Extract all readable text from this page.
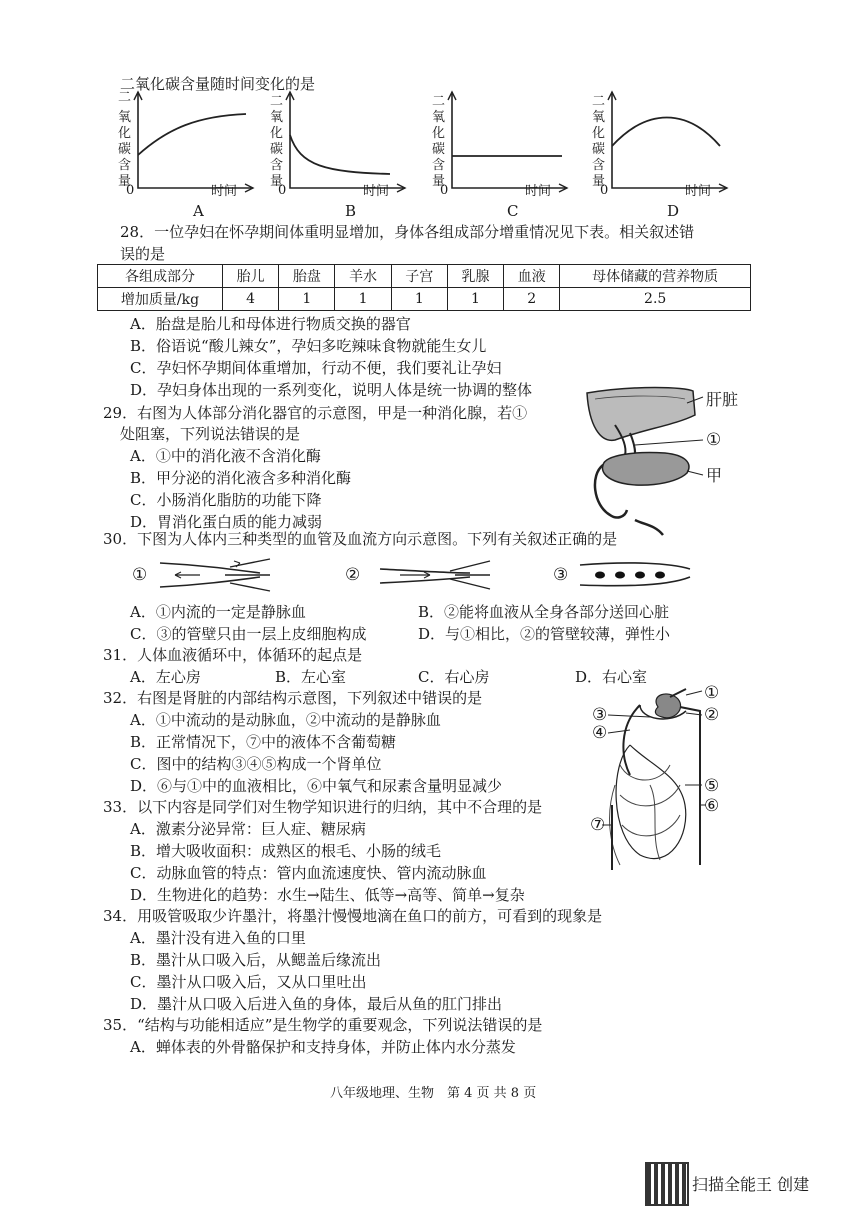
二氧化碳含量随时间变化的是
氧
化
碳
含
量
0	时间
A
二
氧
化
碳
含
量
0	时间
B
二
氧
化
碳
含
量
0	时间
C
二
氧
化
碳
含
量
0	时间
D
二
28．一位孕妇在怀孕期间体重明显增加，身体各组成部分增重情况见下表。相关叙述错
误的是
各组成部分	胎儿	胎盘	羊水	子宫	乳腺	血液	母体储藏的营养物质
增加质量/kg	4	1	1	1	1	2	2.5
A．胎盘是胎儿和母体进行物质交换的器官
B．俗语说“酸儿辣女”，孕妇多吃辣味食物就能生女儿
C．孕妇怀孕期间体重增加，行动不便，我们要礼让孕妇
D．孕妇身体出现的一系列变化，说明人体是统一协调的整体
29．右图为人体部分消化器官的示意图，甲是一种消化腺，若①
处阻塞，下列说法错误的是
A．①中的消化液不含消化酶
B．甲分泌的消化液含多种消化酶
C．小肠消化脂肪的功能下降
D．胃消化蛋白质的能力减弱
肝脏
①
甲
30．下图为人体内三种类型的血管及血流方向示意图。下列有关叙述正确的是
①	②	③
A．①内流的一定是静脉血	B．②能将血液从全身各部分送回心脏
C．③的管壁只由一层上皮细胞构成	D．与①相比，②的管壁较薄，弹性小
31．人体血液循环中，体循环的起点是
A．左心房	B．左心室	C．右心房	D．右心室
32．右图是肾脏的内部结构示意图，下列叙述中错误的是
A．①中流动的是动脉血，②中流动的是静脉血
B．正常情况下，⑦中的液体不含葡萄糖
C．图中的结构③④⑤构成一个肾单位
D．⑥与①中的血液相比，⑥中氧气和尿素含量明显减少
①
②
③
④
⑤
⑥
⑦
33．以下内容是同学们对生物学知识进行的归纳，其中不合理的是
A．激素分泌异常：巨人症、糖尿病
B．增大吸收面积：成熟区的根毛、小肠的绒毛
C．动脉血管的特点：管内血流速度快、管内流动脉血
D．生物进化的趋势：水生→陆生、低等→高等、简单→复杂
34．用吸管吸取少许墨汁，将墨汁慢慢地滴在鱼口的前方，可看到的现象是
A．墨汁没有进入鱼的口里
B．墨汁从口吸入后，从鳃盖后缘流出
C．墨汁从口吸入后，又从口里吐出
D．墨汁从口吸入后进入鱼的身体，最后从鱼的肛门排出
35．“结构与功能相适应”是生物学的重要观念，下列说法错误的是
A．蝉体表的外骨骼保护和支持身体，并防止体内水分蒸发
八年级地理、生物　第 4 页 共 8 页
扫描全能王 创建
